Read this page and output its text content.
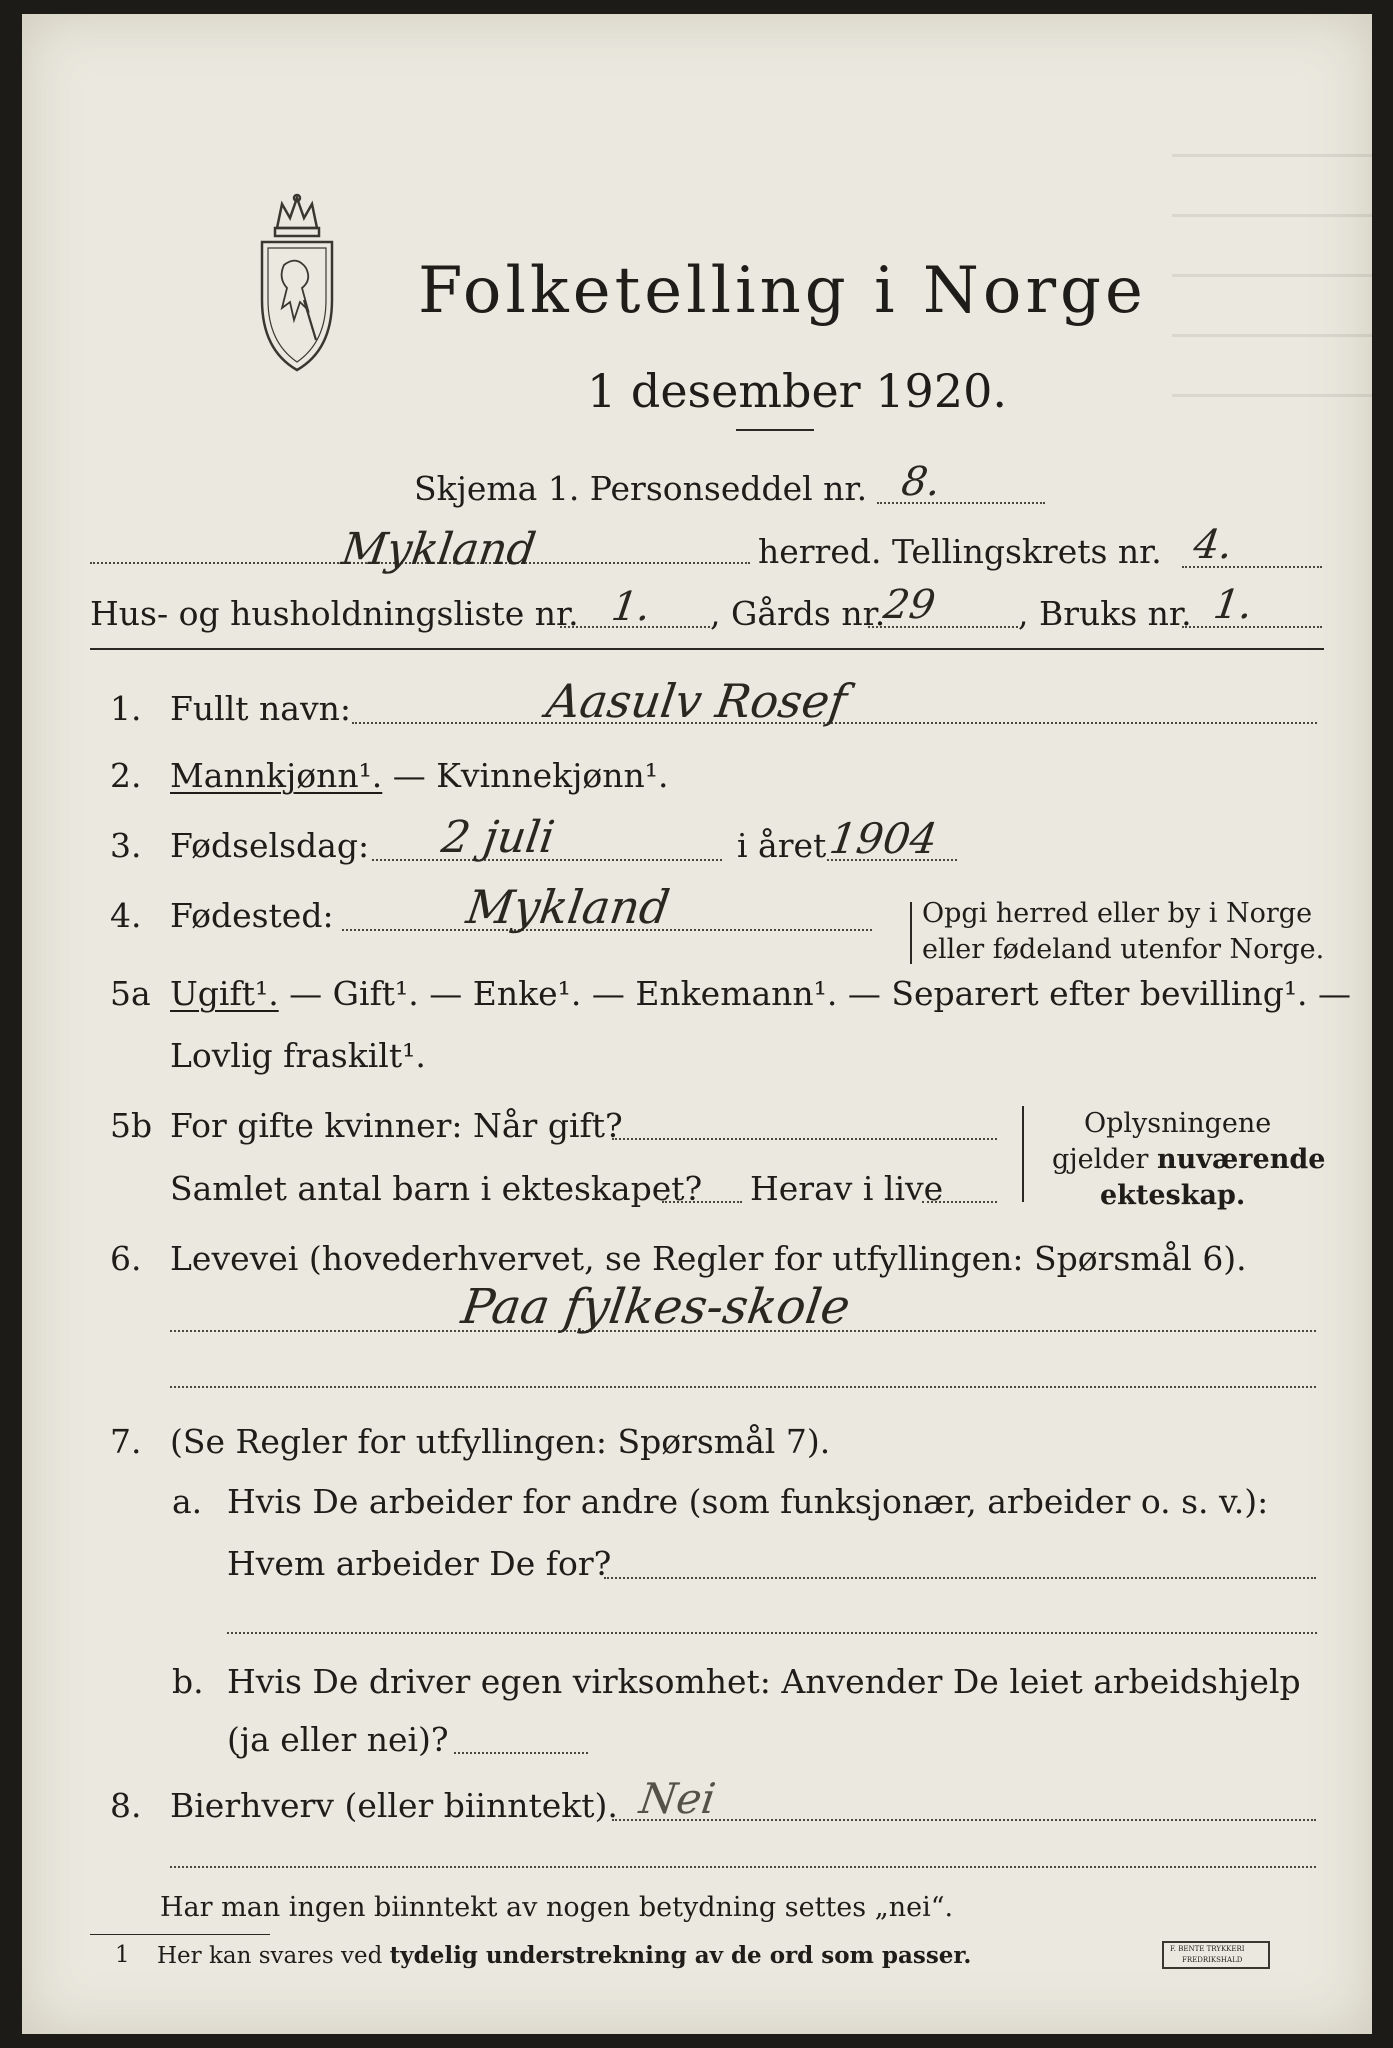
Folketelling i Norge
1 desember 1920.
Skjema 1. Personseddel nr. 8.
Mykland	herred. Tellingskrets nr. 4.
Hus- og husholdningsliste nr. 1. , Gårds nr.
29 , Bruks nr. 1.
1. Fullt navn:	Aasulv Rosef
2. Mannkjønn¹. — Kvinnekjønn¹.
3. Fødselsdag: 2 juli	i året 1904
4. Fødested:	Mykland	Opgi herred eller by i Norge
eller fødeland utenfor Norge.
5a Ugift¹. — Gift¹. — Enke¹. — Enkemann¹. — Separert efter bevilling¹. —
Lovlig fraskilt¹.
5b For gifte kvinner: Når gift?
Samlet antal barn i ekteskapet? Herav i live
Oplysningene
gjelder nuværende
ekteskap.
6. Levevei (hovederhvervet, se Regler for utfyllingen: Spørsmål 6).
Paa fylkes-skole
7. (Se Regler for utfyllingen: Spørsmål 7).
a. Hvis De arbeider for andre (som funksjonær, arbeider o. s. v.):
Hvem arbeider De for?
b. Hvis De driver egen virksomhet: Anvender De leiet arbeidshjelp
(ja eller nei)?
8. Bierhverv (eller biinntekt). Nei
Har man ingen biinntekt av nogen betydning settes „nei“.
1 Her kan svares ved tydelig understrekning av de ord som passer.	F. BENTE TRYKKERI
FREDRIKSHALD
